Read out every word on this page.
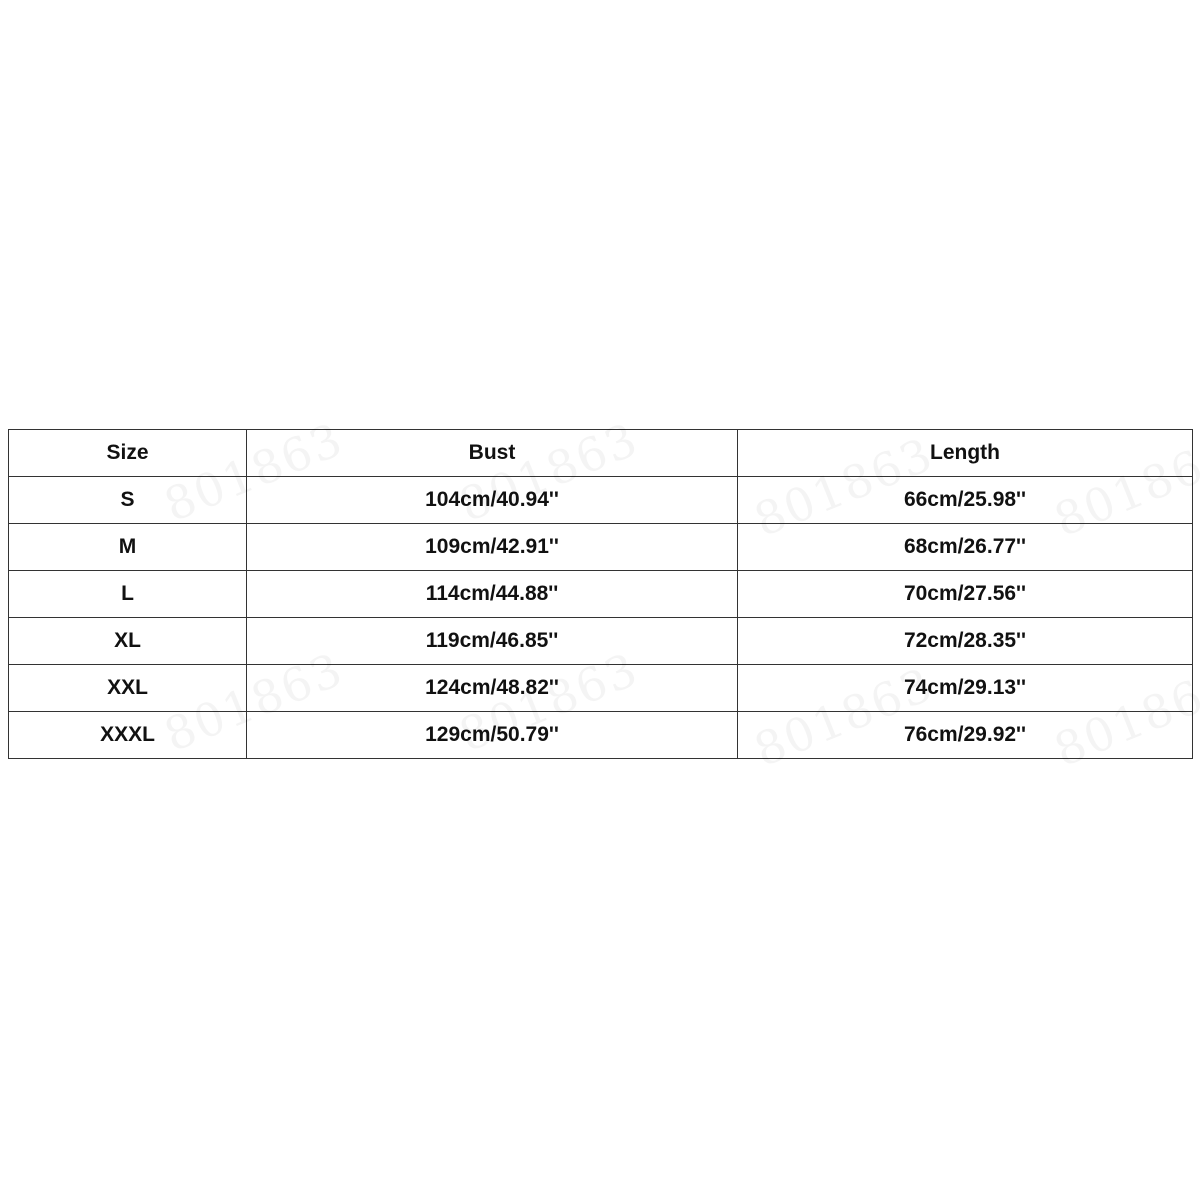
Size	Bust	Length
S	104cm/40.94''	66cm/25.98''
M	109cm/42.91''	68cm/26.77''
L	114cm/44.88''	70cm/27.56''
XL	119cm/46.85''	72cm/28.35''
XXL	124cm/48.82''	74cm/29.13''
XXXL	129cm/50.79''	76cm/29.92''
